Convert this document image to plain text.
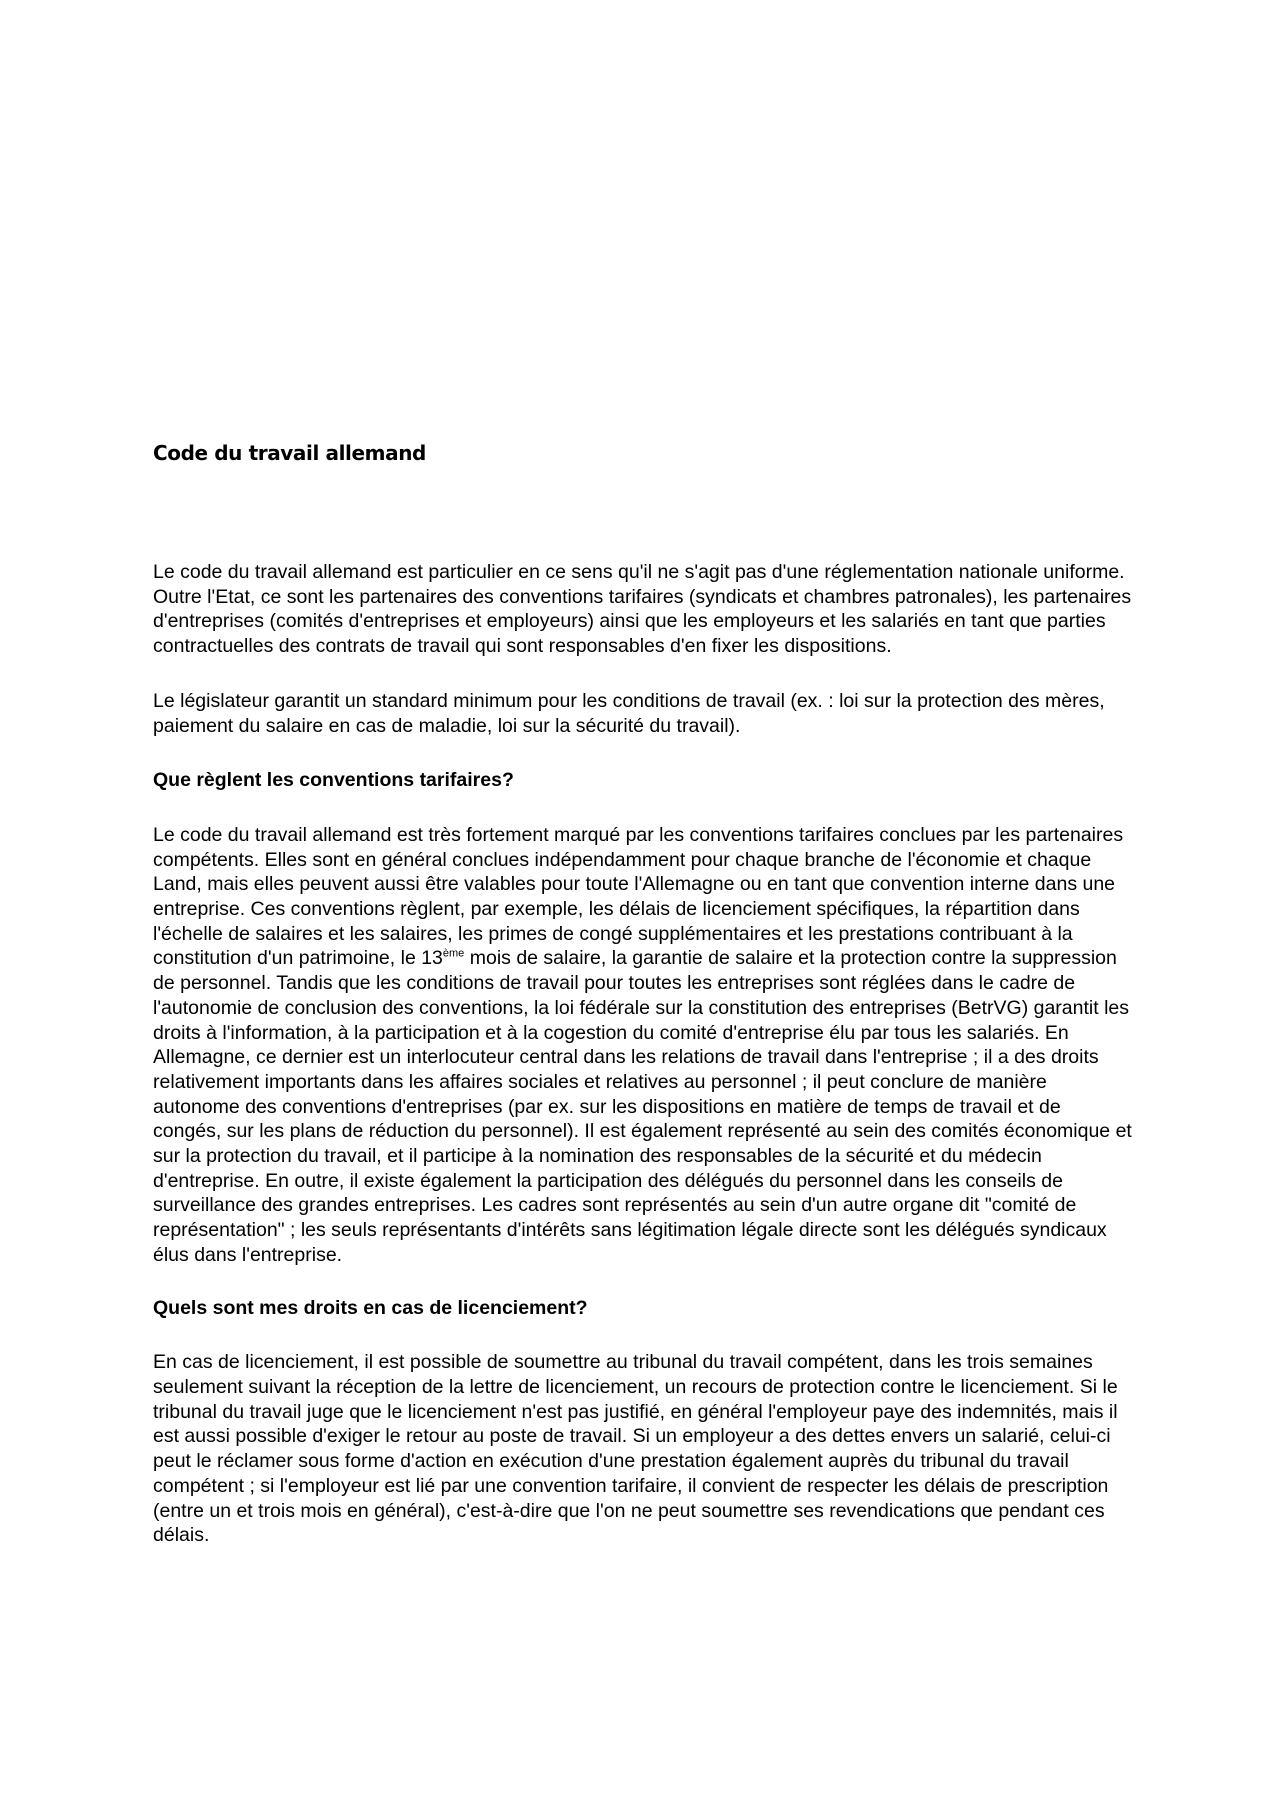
Code du travail allemand

Le code du travail allemand est particulier en ce sens qu'il ne s'agit pas d'une réglementation nationale uniforme. Outre l'Etat, ce sont les partenaires des conventions tarifaires (syndicats et chambres patronales), les partenaires d'entreprises (comités d'entreprises et employeurs) ainsi que les employeurs et les salariés en tant que parties contractuelles des contrats de travail qui sont responsables d'en fixer les dispositions.

Le législateur garantit un standard minimum pour les conditions de travail (ex. : loi sur la protection des mères, paiement du salaire en cas de maladie, loi sur la sécurité du travail).

Que règlent les conventions tarifaires?

Le code du travail allemand est très fortement marqué par les conventions tarifaires conclues par les partenaires compétents. Elles sont en général conclues indépendamment pour chaque branche de l'économie et chaque Land, mais elles peuvent aussi être valables pour toute l'Allemagne ou en tant que convention interne dans une entreprise. Ces conventions règlent, par exemple, les délais de licenciement spécifiques, la répartition dans l'échelle de salaires et les salaires, les primes de congé supplémentaires et les prestations contribuant à la constitution d'un patrimoine, le 13ème mois de salaire, la garantie de salaire et la protection contre la suppression de personnel. Tandis que les conditions de travail pour toutes les entreprises sont réglées dans le cadre de l'autonomie de conclusion des conventions, la loi fédérale sur la constitution des entreprises (BetrVG) garantit les droits à l'information, à la participation et à la cogestion du comité d'entreprise élu par tous les salariés. En Allemagne, ce dernier est un interlocuteur central dans les relations de travail dans l'entreprise ; il a des droits relativement importants dans les affaires sociales et relatives au personnel ; il peut conclure de manière autonome des conventions d'entreprises (par ex. sur les dispositions en matière de temps de travail et de congés, sur les plans de réduction du personnel). Il est également représenté au sein des comités économique et sur la protection du travail, et il participe à la nomination des responsables de la sécurité et du médecin d'entreprise. En outre, il existe également la participation des délégués du personnel dans les conseils de surveillance des grandes entreprises. Les cadres sont représentés au sein d'un autre organe dit "comité de représentation" ; les seuls représentants d'intérêts sans légitimation légale directe sont les délégués syndicaux élus dans l'entreprise.

Quels sont mes droits en cas de licenciement?

En cas de licenciement, il est possible de soumettre au tribunal du travail compétent, dans les trois semaines seulement suivant la réception de la lettre de licenciement, un recours de protection contre le licenciement. Si le tribunal du travail juge que le licenciement n'est pas justifié, en général l'employeur paye des indemnités, mais il est aussi possible d'exiger le retour au poste de travail. Si un employeur a des dettes envers un salarié, celui-ci peut le réclamer sous forme d'action en exécution d'une prestation également auprès du tribunal du travail compétent ; si l'employeur est lié par une convention tarifaire, il convient de respecter les délais de prescription (entre un et trois mois en général), c'est-à-dire que l'on ne peut soumettre ses revendications que pendant ces délais.
